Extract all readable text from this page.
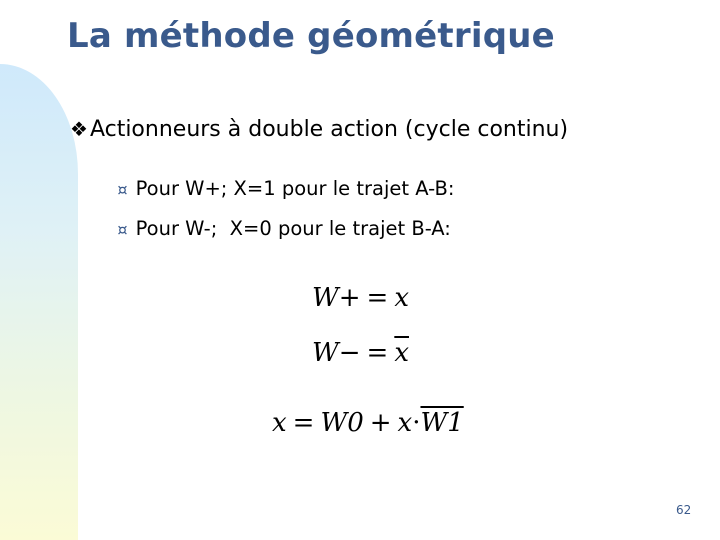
La méthode géométrique
❖Actionneurs à double action (cycle continu)

¤ Pour W+; X=1 pour le trajet A-B:

¤ Pour W-;  X=0 pour le trajet B-A:

W+ = x
$W- = \overline{x}$
x = W0 + x·W1
62
